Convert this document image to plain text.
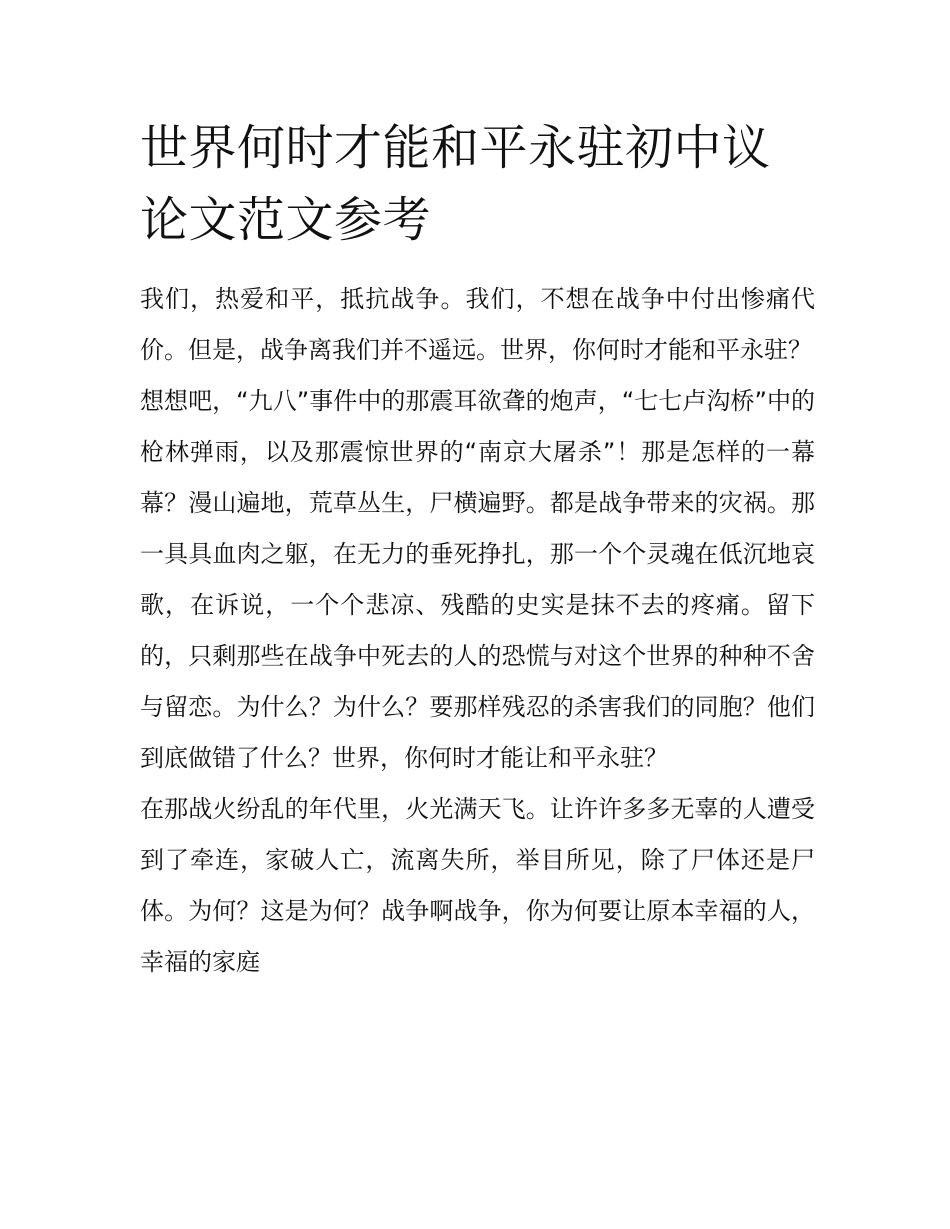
世界何时才能和平永驻初中议论文范文参考

我们，热爱和平，抵抗战争。我们，不想在战争中付出惨痛代价。但是，战争离我们并不遥远。世界，你何时才能和平永驻？

想想吧，“九八”事件中的那震耳欲聋的炮声，“七七卢沟桥”中的枪林弹雨，以及那震惊世界的“南京大屠杀”！那是怎样的一幕幕？漫山遍地，荒草丛生，尸横遍野。都是战争带来的灾祸。那一具具血肉之躯，在无力的垂死挣扎，那一个个灵魂在低沉地哀歌，在诉说，一个个悲凉、残酷的史实是抹不去的疼痛。留下的，只剩那些在战争中死去的人的恐慌与对这个世界的种种不舍与留恋。为什么？为什么？要那样残忍的杀害我们的同胞？他们到底做错了什么？世界，你何时才能让和平永驻？

在那战火纷乱的年代里，火光满天飞。让许许多多无辜的人遭受到了牵连，家破人亡，流离失所，举目所见，除了尸体还是尸体。为何？这是为何？战争啊战争，你为何要让原本幸福的人，幸福的家庭
